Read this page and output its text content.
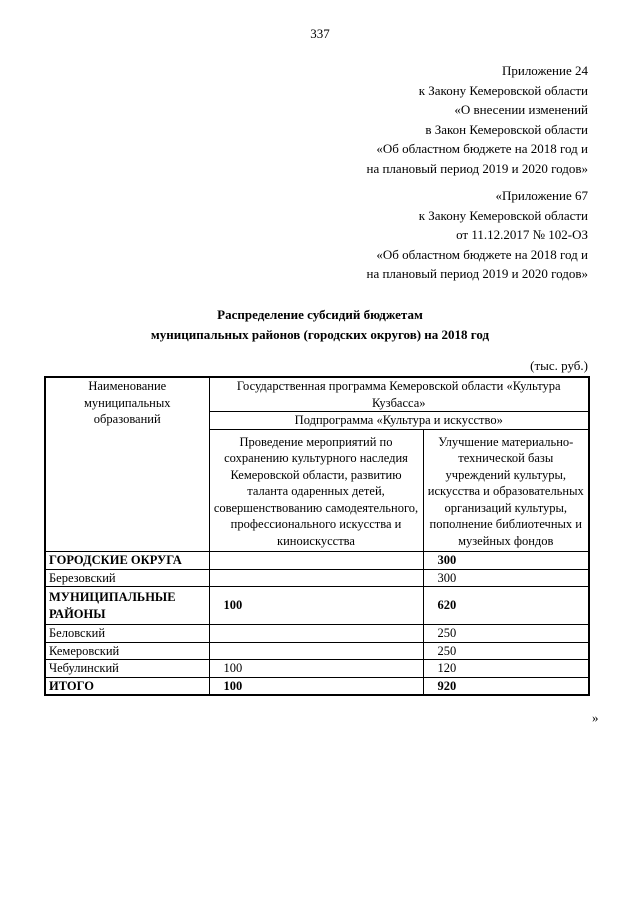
337
Приложение 24
к Закону Кемеровской области
«О внесении изменений
в Закон Кемеровской области
«Об областном бюджете на 2018 год и
на плановый период 2019 и 2020 годов»
«Приложение 67
к Закону Кемеровской области
от 11.12.2017 № 102-ОЗ
«Об областном бюджете на 2018 год и
на плановый период 2019 и 2020 годов»
Распределение субсидий бюджетам
муниципальных районов (городских округов) на 2018 год
(тыс. руб.)
Наименование муниципальных образований	Государственная программа Кемеровской области «Культура Кузбасса»	
	Подпрограмма «Культура и искусство»	
	Проведение мероприятий по сохранению культурного наследия Кемеровской области, развитию таланта одаренных детей, совершенствованию самодеятельного, профессионального искусства и киноискусства	Улучшение материально-технической базы учреждений культуры, искусства и образовательных организаций культуры, пополнение библиотечных и музейных фондов
ГОРОДСКИЕ ОКРУГА		300
Березовский		300
МУНИЦИПАЛЬНЫЕ РАЙОНЫ	100	620
Беловский		250
Кемеровский		250
Чебулинский	100	120
ИТОГО	100	920
»
